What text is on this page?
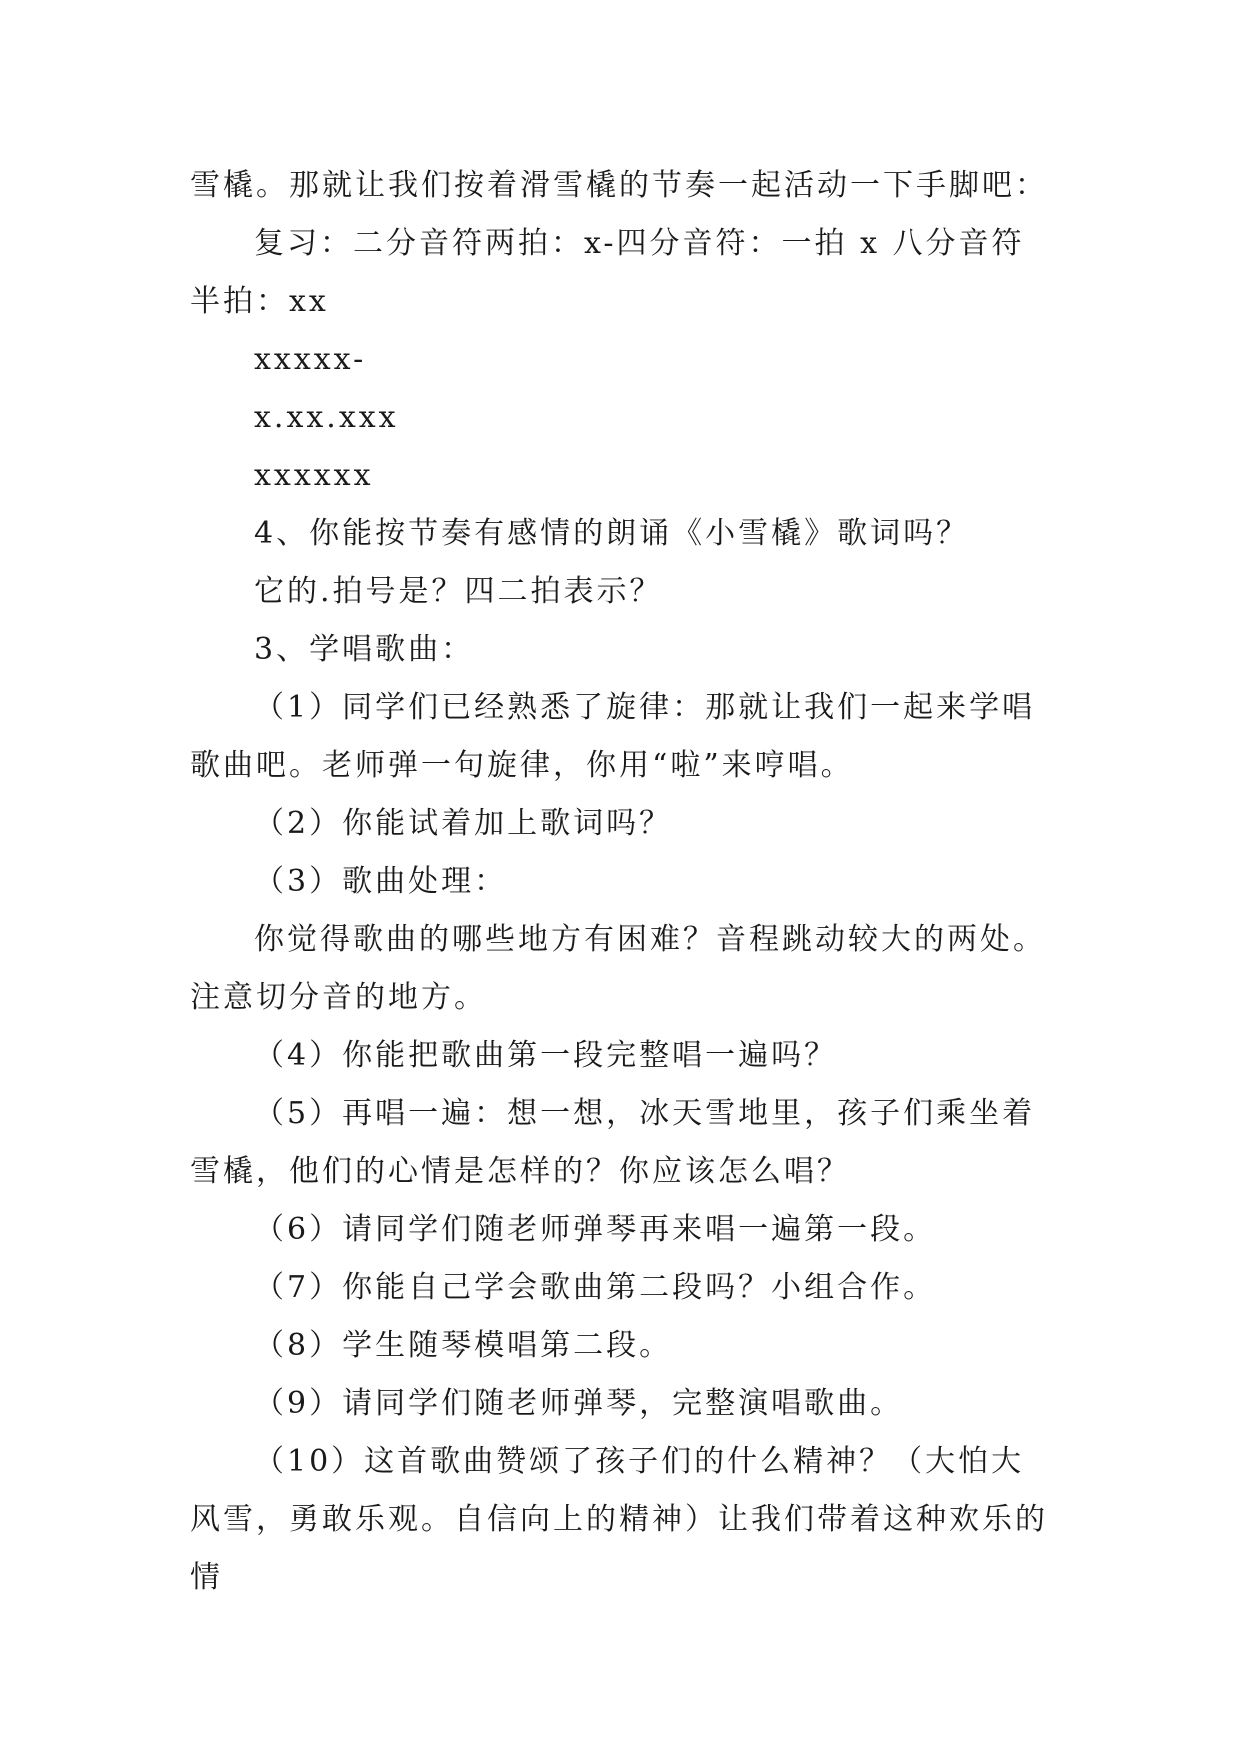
雪橇。那就让我们按着滑雪橇的节奏一起活动一下手脚吧：

复习：二分音符两拍：x-四分音符：一拍 x 八分音符半拍：xx

xxxxx-

x.xx.xxx

xxxxxx

4、你能按节奏有感情的朗诵《小雪橇》歌词吗？

它的.拍号是？四二拍表示？

3、学唱歌曲：

（1）同学们已经熟悉了旋律：那就让我们一起来学唱歌曲吧。老师弹一句旋律，你用“啦”来哼唱。

（2）你能试着加上歌词吗？

（3）歌曲处理：

你觉得歌曲的哪些地方有困难？音程跳动较大的两处。注意切分音的地方。

（4）你能把歌曲第一段完整唱一遍吗？

（5）再唱一遍：想一想，冰天雪地里，孩子们乘坐着雪橇，他们的心情是怎样的？你应该怎么唱？

（6）请同学们随老师弹琴再来唱一遍第一段。

（7）你能自己学会歌曲第二段吗？小组合作。

（8）学生随琴模唱第二段。

（9）请同学们随老师弹琴，完整演唱歌曲。

（10）这首歌曲赞颂了孩子们的什么精神？（大怕大风雪，勇敢乐观。自信向上的精神）让我们带着这种欢乐的情
